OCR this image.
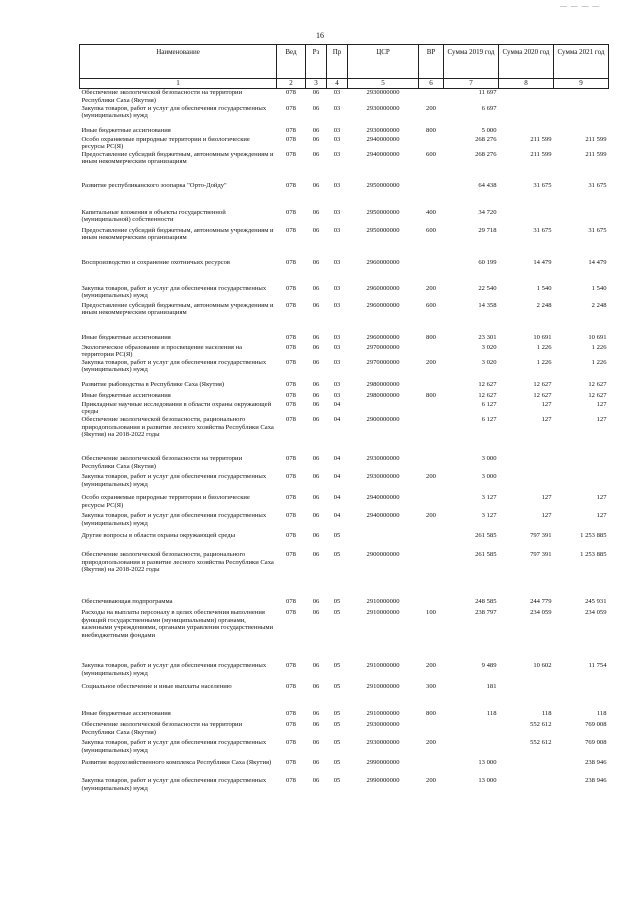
— — — —
16
Наименование	Вед	Рз	Пр	ЦСР	ВР	Сумма 2019 год	Сумма 2020 год	Сумма 2021 год
1	2	3	4	5	6	7	8	9
Обеспечение экологической безопасности на территории Республики Саха (Якутия)	078	06	03	2930000000		11 697		
Закупка товаров, работ и услуг для обеспечения государственных (муниципальных) нужд	078	06	03	2930000000	200	6 697		
Иные бюджетные ассигнования	078	06	03	2930000000	800	5 000		
Особо охраняемые природные территории и биологические ресурсы РС(Я)	078	06	03	2940000000		268 276	211 599	211 599
Предоставление субсидий бюджетным, автономным учреждениям и иным некоммерческим организациям	078	06	03	2940000000	600	268 276	211 599	211 599
Развитие республиканского зоопарка "Орто-Дойду"	078	06	03	2950000000		64 438	31 675	31 675
Капитальные вложения в объекты государственной (муниципальной) собственности	078	06	03	2950000000	400	34 720		
Предоставление субсидий бюджетным, автономным учреждениям и иным некоммерческим организациям	078	06	03	2950000000	600	29 718	31 675	31 675
Воспроизводство и сохранение охотничьих ресурсов	078	06	03	2960000000		60 199	14 479	14 479
Закупка товаров, работ и услуг для обеспечения государственных (муниципальных) нужд	078	06	03	2960000000	200	22 540	1 540	1 540
Предоставление субсидий бюджетным, автономным учреждениям и иным некоммерческим организациям	078	06	03	2960000000	600	14 358	2 248	2 248
Иные бюджетные ассигнования	078	06	03	2960000000	800	23 301	10 691	10 691
Экологическое образование и просвещение населения на территории РС(Я)	078	06	03	2970000000		3 020	1 226	1 226
Закупка товаров, работ и услуг для обеспечения государственных (муниципальных) нужд	078	06	03	2970000000	200	3 020	1 226	1 226
Развитие рыбоводства в Республике Саха (Якутия)	078	06	03	2980000000		12 627	12 627	12 627
Иные бюджетные ассигнования	078	06	03	2980000000	800	12 627	12 627	12 627
Прикладные научные исследования в области охраны окружающей среды	078	06	04			6 127	127	127
Обеспечение экологической безопасности, рационального природопользования и развитие лесного хозяйства Республики Саха (Якутия) на 2018-2022 годы	078	06	04	2900000000		6 127	127	127
Обеспечение экологической безопасности на территории Республики Саха (Якутия)	078	06	04	2930000000		3 000		
Закупка товаров, работ и услуг для обеспечения государственных (муниципальных) нужд	078	06	04	2930000000	200	3 000		
Особо охраняемые природные территории и биологические ресурсы РС(Я)	078	06	04	2940000000		3 127	127	127
Закупка товаров, работ и услуг для обеспечения государственных (муниципальных) нужд	078	06	04	2940000000	200	3 127	127	127
Другие вопросы в области охраны окружающей среды	078	06	05			261 585	797 391	1 253 885
Обеспечение экологической безопасности, рационального природопользования и развитие лесного хозяйства Республики Саха (Якутия) на 2018-2022 годы	078	06	05	2900000000		261 585	797 391	1 253 885
Обеспечивающая подпрограмма	078	06	05	2910000000		248 585	244 779	245 931
Расходы на выплаты персоналу в целях обеспечения выполнения функций государственными (муниципальными) органами, казенными учреждениями, органами управления государственными внебюджетными фондами	078	06	05	2910000000	100	238 797	234 059	234 059
Закупка товаров, работ и услуг для обеспечения государственных (муниципальных) нужд	078	06	05	2910000000	200	9 489	10 602	11 754
Социальное обеспечение и иные выплаты населению	078	06	05	2910000000	300	181		
Иные бюджетные ассигнования	078	06	05	2910000000	800	118	118	118
Обеспечение экологической безопасности на территории Республики Саха (Якутия)	078	06	05	2930000000			552 612	769 008
Закупка товаров, работ и услуг для обеспечения государственных (муниципальных) нужд	078	06	05	2930000000	200		552 612	769 008
Развитие водохозяйственного комплекса Республики Саха (Якутия)	078	06	05	2990000000		13 000		238 946
Закупка товаров, работ и услуг для обеспечения государственных (муниципальных) нужд	078	06	05	2990000000	200	13 000		238 946
